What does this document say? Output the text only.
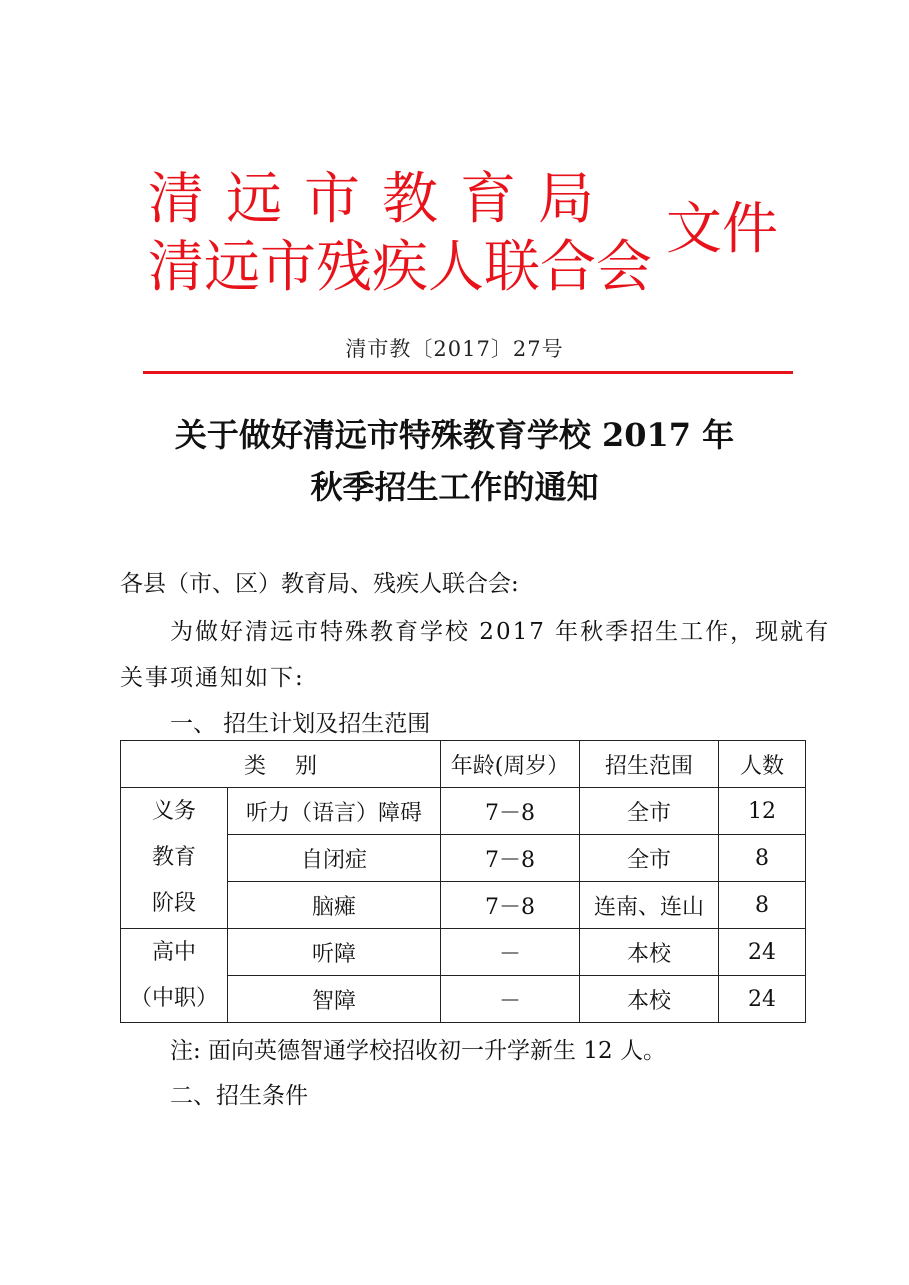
清远市教育局
清远市残疾人联合会
文件
清市教〔2017〕27号
关于做好清远市特殊教育学校 2017 年
秋季招生工作的通知
各县（市、区）教育局、残疾人联合会:
为做好清远市特殊教育学校 2017 年秋季招生工作，现就有
关事项通知如下:
一、 招生计划及招生范围
类　 别		年龄(周岁）	招生范围	人数

义务
教育
阶段	听力（语言）障碍	7－8	全市	12
	自闭症	7－8	全市	8
	脑瘫	7－8	连南、连山	8

高中
（中职）	听障	－	本校	24
	智障	－	本校	24
注: 面向英德智通学校招收初一升学新生 12 人。
二、招生条件
